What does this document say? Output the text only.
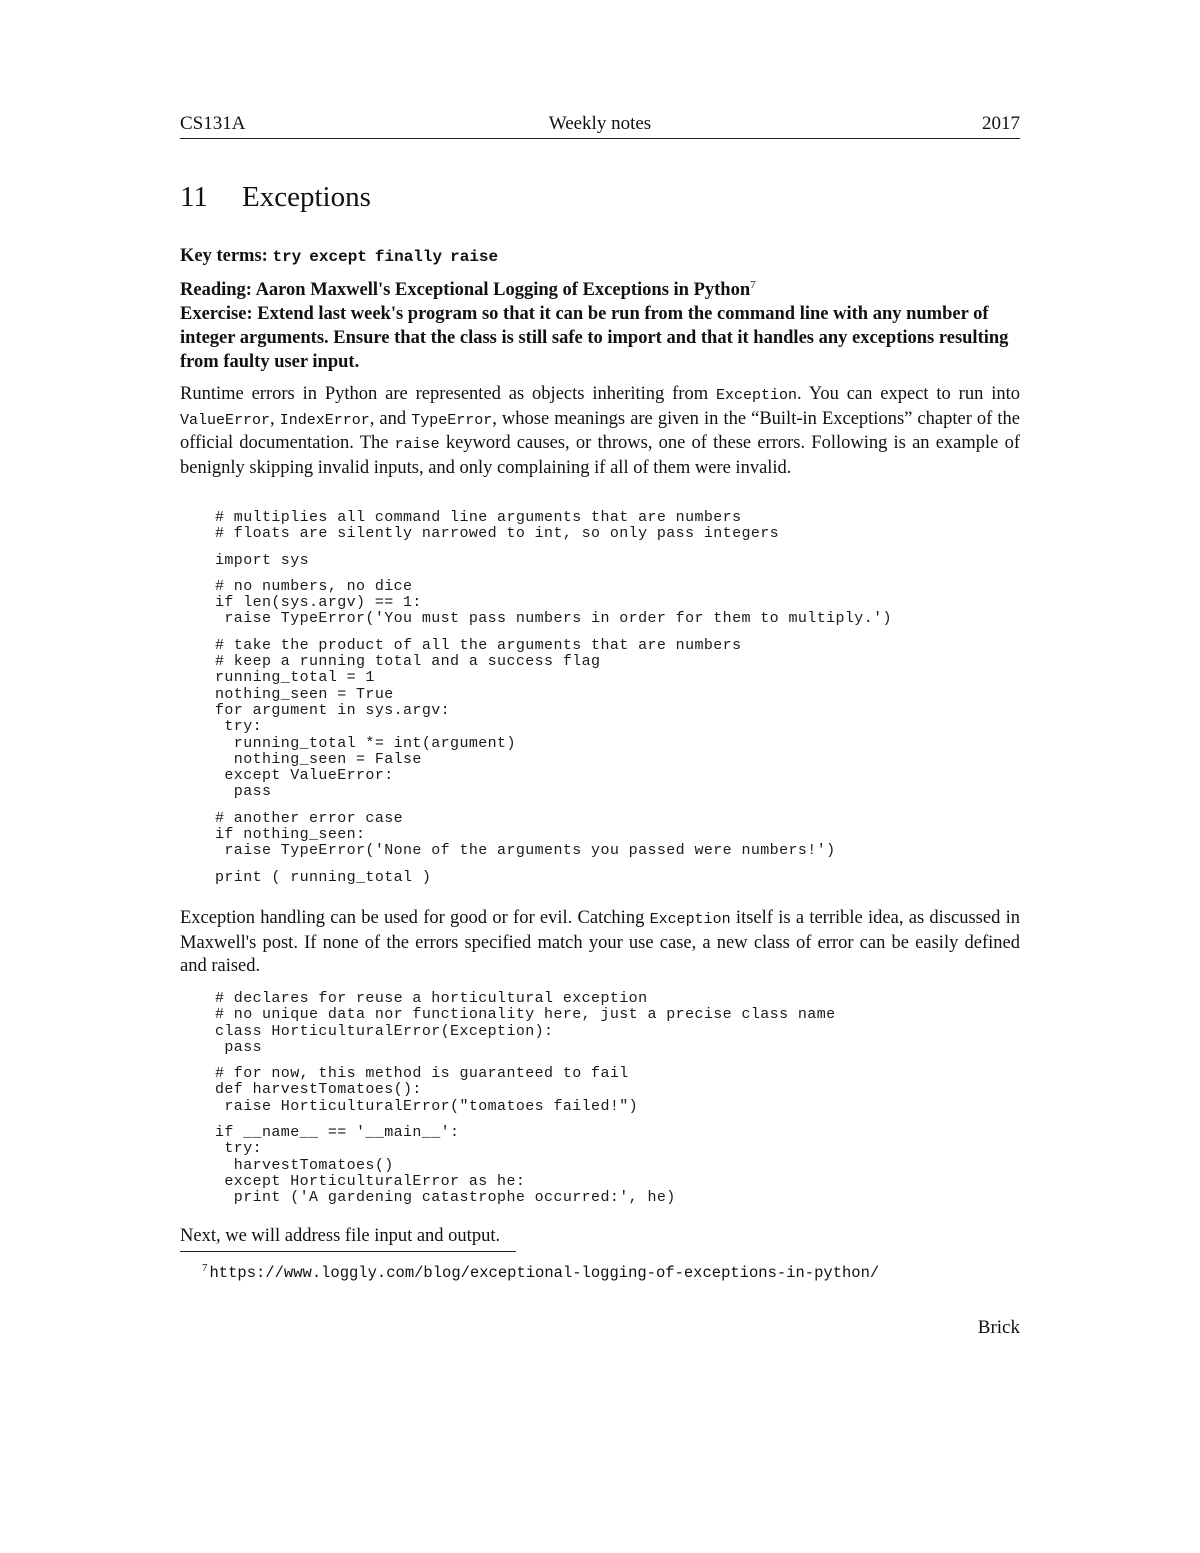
CS131A	Weekly notes	2017
11 Exceptions

Key terms: try except finally raise

Reading: Aaron Maxwell's Exceptional Logging of Exceptions in Python$^7$

Exercise: Extend last week's program so that it can be run from the command line with any number of integer arguments. Ensure that the class is still safe to import and that it handles any exceptions resulting from faulty user input.

Runtime errors in Python are represented as objects inheriting from Exception. You can expect to run into ValueError, IndexError, and TypeError, whose meanings are given in the “Built-in Exceptions” chapter of the official documentation. The raise keyword causes, or throws, one of these errors. Following is an example of benignly skipping invalid inputs, and only complaining if all of them were invalid.

# multiplies all command line arguments that are numbers
# floats are silently narrowed to int, so only pass integers
import sys
# no numbers, no dice
if len(sys.argv) == 1:
raise TypeError('You must pass numbers in order for them to multiply.')
# take the product of all the arguments that are numbers
# keep a running total and a success flag
running_total = 1
nothing_seen = True
for argument in sys.argv:
try:
running_total *= int(argument)
nothing_seen = False
except ValueError:
pass
# another error case
if nothing_seen:
raise TypeError('None of the arguments you passed were numbers!')
print ( running_total )

Exception handling can be used for good or for evil. Catching Exception itself is a terrible idea, as discussed in Maxwell's post. If none of the errors specified match your use case, a new class of error can be easily defined and raised.

# declares for reuse a horticultural exception
# no unique data nor functionality here, just a precise class name
class HorticulturalError(Exception):
pass
# for now, this method is guaranteed to fail
def harvestTomatoes():
raise HorticulturalError("tomatoes failed!")
if __name__ == '__main__':
try:
harvestTomatoes()
except HorticulturalError as he:
print ('A gardening catastrophe occurred:', he)

Next, we will address file input and output.

$^7$ https://www.loggly.com/blog/exceptional-logging-of-exceptions-in-python/
Brick
